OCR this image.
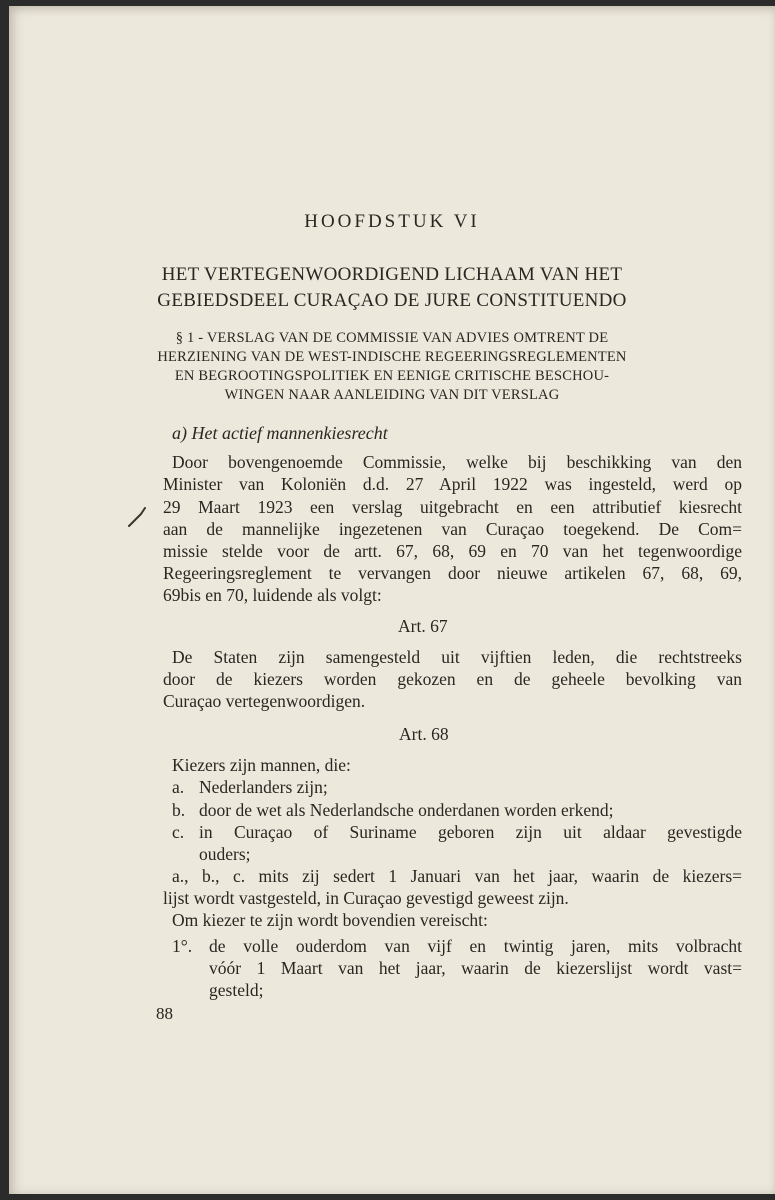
HOOFDSTUK VI
HET VERTEGENWOORDIGEND LICHAAM VAN HET
GEBIEDSDEEL CURAÇAO DE JURE CONSTITUENDO
§ 1 - VERSLAG VAN DE COMMISSIE VAN ADVIES OMTRENT DE
HERZIENING VAN DE WEST-INDISCHE REGEERINGSREGLEMENTEN
EN BEGROOTINGSPOLITIEK EN EENIGE CRITISCHE BESCHOU-
WINGEN NAAR AANLEIDING VAN DIT VERSLAG
a) Het actief mannenkiesrecht
Door bovengenoemde Commissie, welke bij beschikking van den
Minister van Koloniën d.d. 27 April 1922 was ingesteld, werd op
29 Maart 1923 een verslag uitgebracht en een attributief kiesrecht
aan de mannelijke ingezetenen van Curaçao toegekend. De Com=
missie stelde voor de artt. 67, 68, 69 en 70 van het tegenwoordige
Regeeringsreglement te vervangen door nieuwe artikelen 67, 68, 69,
69bis en 70, luidende als volgt:
Art. 67
De Staten zijn samengesteld uit vijftien leden, die rechtstreeks
door de kiezers worden gekozen en de geheele bevolking van
Curaçao vertegenwoordigen.
Art. 68
Kiezers zijn mannen, die:
a. Nederlanders zijn;
b. door de wet als Nederlandsche onderdanen worden erkend;
c. in Curaçao of Suriname geboren zijn uit aldaar gevestigde
ouders;
a., b., c. mits zij sedert 1 Januari van het jaar, waarin de kiezers=
lijst wordt vastgesteld, in Curaçao gevestigd geweest zijn.
Om kiezer te zijn wordt bovendien vereischt:
1°. de volle ouderdom van vijf en twintig jaren, mits volbracht
vóór 1 Maart van het jaar, waarin de kiezerslijst wordt vast=
gesteld;
88
